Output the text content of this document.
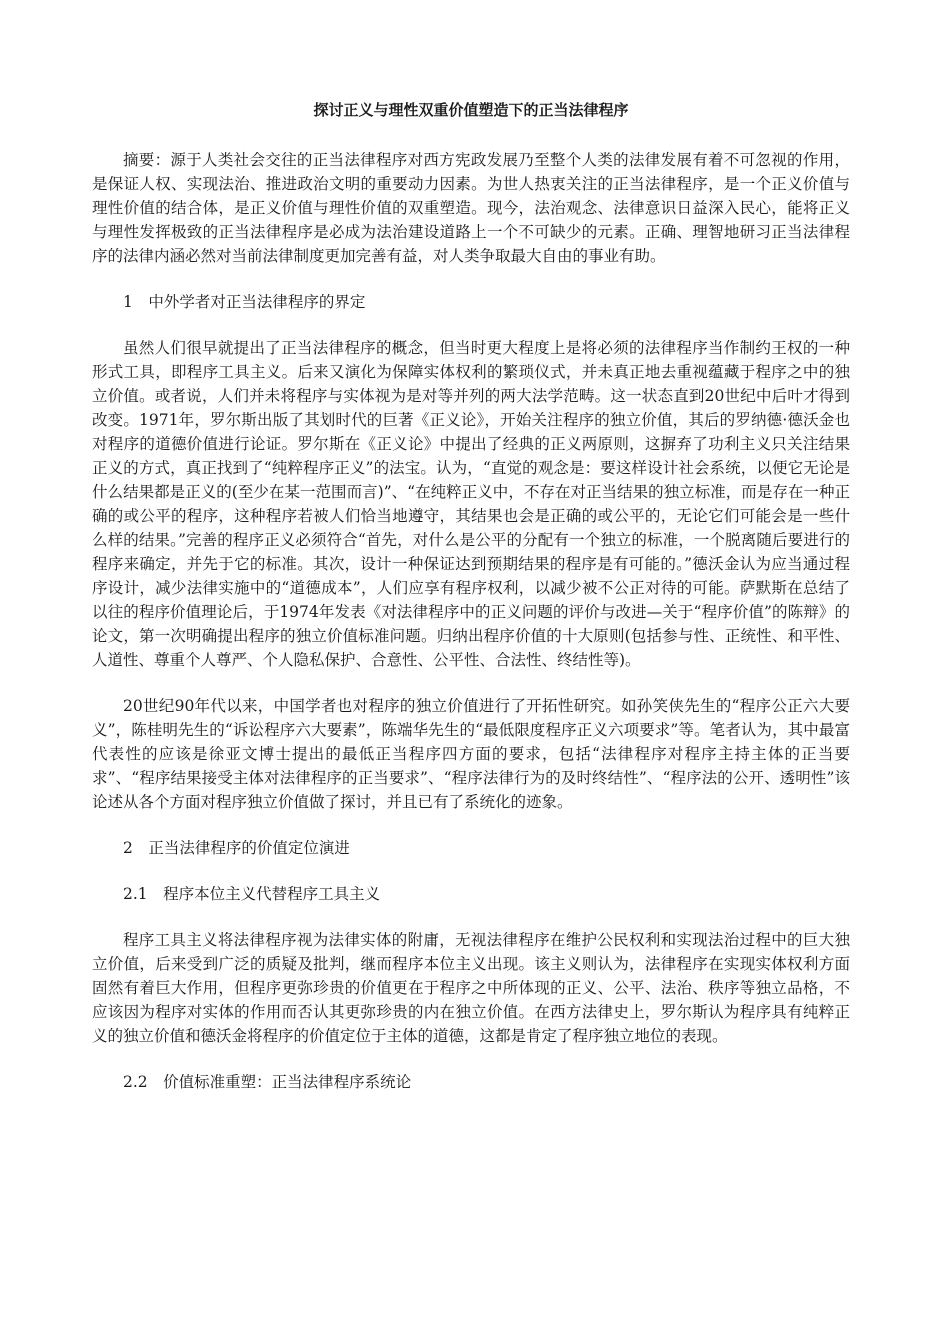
探讨正义与理性双重价值塑造下的正当法律程序

摘要：源于人类社会交往的正当法律程序对西方宪政发展乃至整个人类的法律发展有着不可忽视的作用，是保证人权、实现法治、推进政治文明的重要动力因素。为世人热衷关注的正当法律程序，是一个正义价值与理性价值的结合体，是正义价值与理性价值的双重塑造。现今，法治观念、法律意识日益深入民心，能将正义与理性发挥极致的正当法律程序是必成为法治建设道路上一个不可缺少的元素。正确、理智地研习正当法律程序的法律内涵必然对当前法律制度更加完善有益，对人类争取最大自由的事业有助。

1　中外学者对正当法律程序的界定

虽然人们很早就提出了正当法律程序的概念，但当时更大程度上是将必须的法律程序当作制约王权的一种形式工具，即程序工具主义。后来又演化为保障实体权利的繁琐仪式，并未真正地去重视蕴藏于程序之中的独立价值。或者说，人们并未将程序与实体视为是对等并列的两大法学范畴。这一状态直到20世纪中后叶才得到改变。1971年，罗尔斯出版了其划时代的巨著《正义论》，开始关注程序的独立价值，其后的罗纳德·德沃金也对程序的道德价值进行论证。罗尔斯在《正义论》中提出了经典的正义两原则，这摒弃了功利主义只关注结果正义的方式，真正找到了“纯粹程序正义”的法宝。认为，“直觉的观念是：要这样设计社会系统，以便它无论是什么结果都是正义的(至少在某一范围而言)”、“在纯粹正义中，不存在对正当结果的独立标准，而是存在一种正确的或公平的程序，这种程序若被人们恰当地遵守，其结果也会是正确的或公平的，无论它们可能会是一些什么样的结果。”完善的程序正义必须符合“首先，对什么是公平的分配有一个独立的标准，一个脱离随后要进行的程序来确定，并先于它的标准。其次，设计一种保证达到预期结果的程序是有可能的。”德沃金认为应当通过程序设计，减少法律实施中的“道德成本”，人们应享有程序权利，以减少被不公正对待的可能。萨默斯在总结了以往的程序价值理论后，于1974年发表《对法律程序中的正义问题的评价与改进—关于“程序价值”的陈辩》的论文，第一次明确提出程序的独立价值标准问题。归纳出程序价值的十大原则(包括参与性、正统性、和平性、人道性、尊重个人尊严、个人隐私保护、合意性、公平性、合法性、终结性等)。

20世纪90年代以来，中国学者也对程序的独立价值进行了开拓性研究。如孙笑侠先生的“程序公正六大要义”，陈桂明先生的“诉讼程序六大要素”，陈端华先生的“最低限度程序正义六项要求”等。笔者认为，其中最富代表性的应该是徐亚文博士提出的最低正当程序四方面的要求，包括“法律程序对程序主持主体的正当要求”、“程序结果接受主体对法律程序的正当要求”、“程序法律行为的及时终结性”、“程序法的公开、透明性”该论述从各个方面对程序独立价值做了探讨，并且已有了系统化的迹象。

2　正当法律程序的价值定位演进

2.1　程序本位主义代替程序工具主义

程序工具主义将法律程序视为法律实体的附庸，无视法律程序在维护公民权利和实现法治过程中的巨大独立价值，后来受到广泛的质疑及批判，继而程序本位主义出现。该主义则认为，法律程序在实现实体权利方面固然有着巨大作用，但程序更弥珍贵的价值更在于程序之中所体现的正义、公平、法治、秩序等独立品格，不应该因为程序对实体的作用而否认其更弥珍贵的内在独立价值。在西方法律史上，罗尔斯认为程序具有纯粹正义的独立价值和德沃金将程序的价值定位于主体的道德，这都是肯定了程序独立地位的表现。

2.2　价值标准重塑：正当法律程序系统论
